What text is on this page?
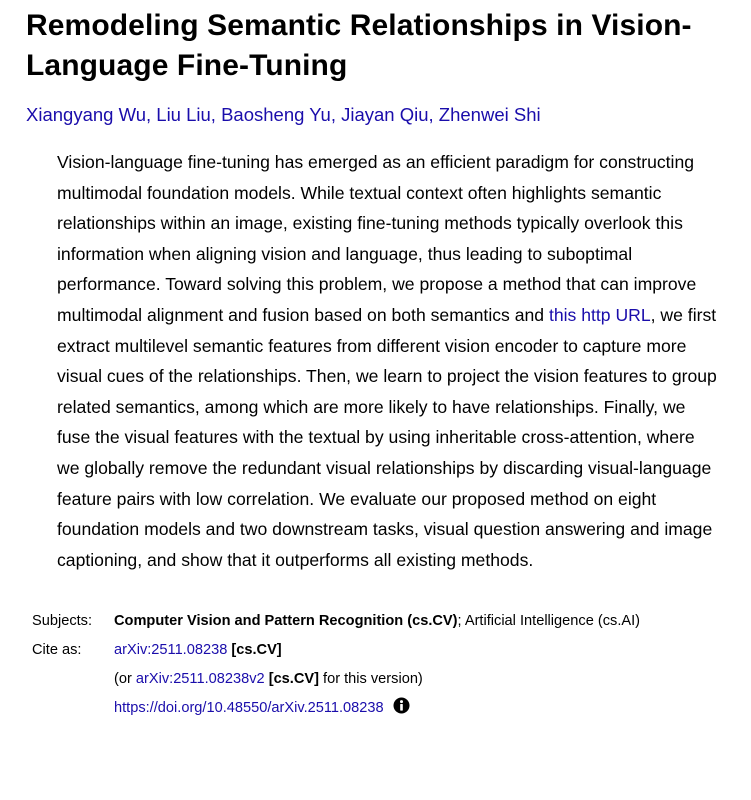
Remodeling Semantic Relationships in Vision-Language Fine-Tuning
Xiangyang Wu, Liu Liu, Baosheng Yu, Jiayan Qiu, Zhenwei Shi
Vision-language fine-tuning has emerged as an efficient paradigm for constructing multimodal foundation models. While textual context often highlights semantic relationships within an image, existing fine-tuning methods typically overlook this information when aligning vision and language, thus leading to suboptimal performance. Toward solving this problem, we propose a method that can improve multimodal alignment and fusion based on both semantics and this http URL, we first extract multilevel semantic features from different vision encoder to capture more visual cues of the relationships. Then, we learn to project the vision features to group related semantics, among which are more likely to have relationships. Finally, we fuse the visual features with the textual by using inheritable cross-attention, where we globally remove the redundant visual relationships by discarding visual-language feature pairs with low correlation. We evaluate our proposed method on eight foundation models and two downstream tasks, visual question answering and image captioning, and show that it outperforms all existing methods.
Subjects:	Computer Vision and Pattern Recognition (cs.CV); Artificial Intelligence (cs.AI)
Cite as:	arXiv:2511.08238 [cs.CV]
(or arXiv:2511.08238v2 [cs.CV] for this version)
https://doi.org/10.48550/arXiv.2511.08238
